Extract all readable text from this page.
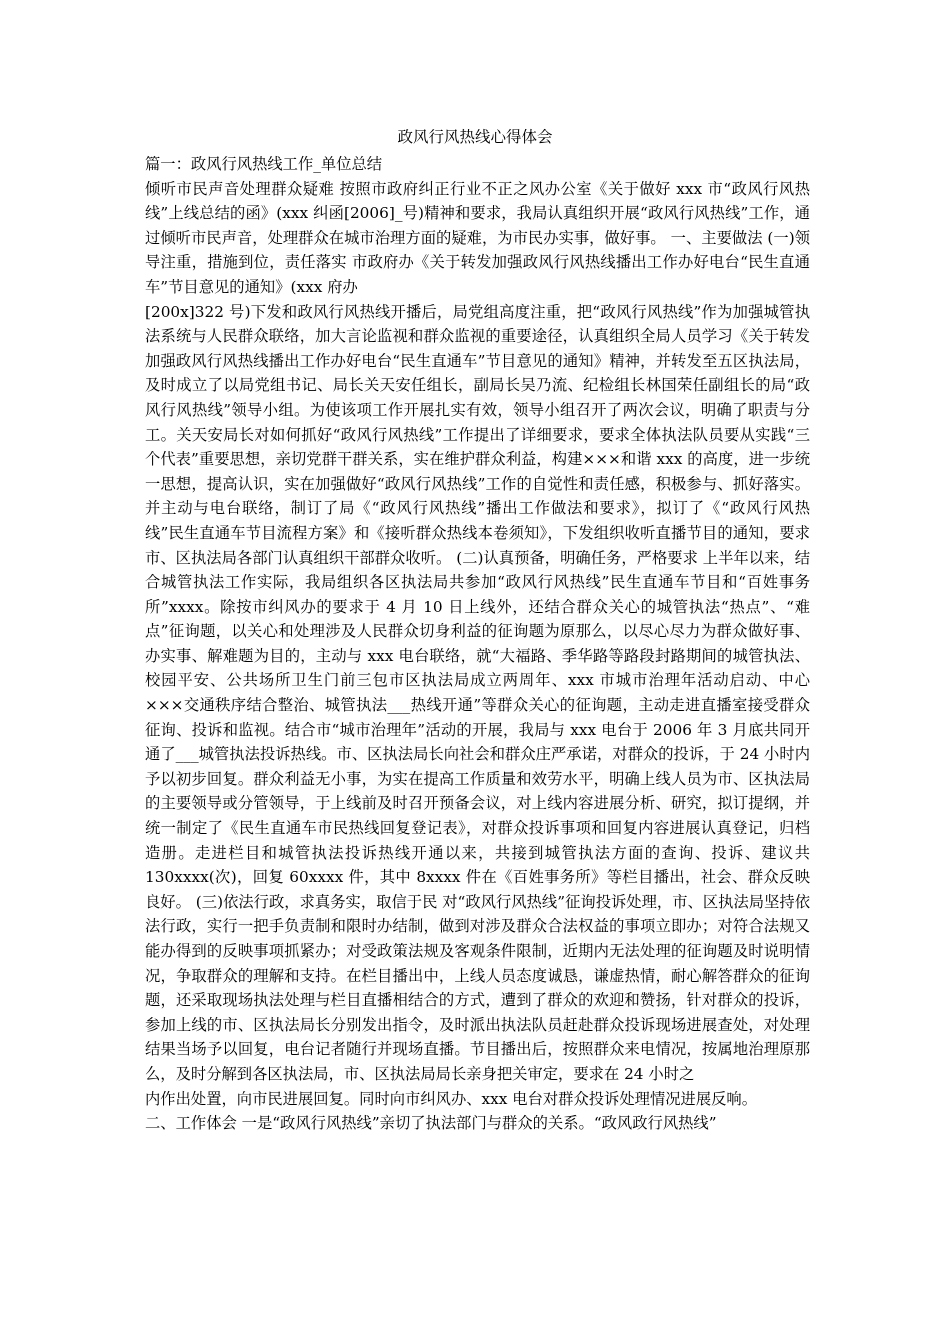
政风行风热线心得体会

篇一：政风行风热线工作_单位总结

倾听市民声音处理群众疑难 按照市政府纠正行业不正之风办公室《关于做好 xxx 市“政风行风热线”上线总结的函》(xxx 纠函[2006]_号)精神和要求，我局认真组织开展“政风行风热线”工作，通过倾听市民声音，处理群众在城市治理方面的疑难，为市民办实事，做好事。 一、主要做法 (一)领导注重，措施到位，责任落实 市政府办《关于转发加强政风行风热线播出工作办好电台“民生直通车”节目意见的通知》(xxx 府办

[200x]322 号)下发和政风行风热线开播后，局党组高度注重，把“政风行风热线”作为加强城管执法系统与人民群众联络，加大言论监视和群众监视的重要途径，认真组织全局人员学习《关于转发加强政风行风热线播出工作办好电台“民生直通车”节目意见的通知》精神，并转发至五区执法局，及时成立了以局党组书记、局长关天安任组长，副局长吴乃流、纪检组长林国荣任副组长的局“政风行风热线”领导小组。为使该项工作开展扎实有效，领导小组召开了两次会议，明确了职责与分工。关天安局长对如何抓好“政风行风热线”工作提出了详细要求，要求全体执法队员要从实践“三个代表”重要思想，亲切党群干群关系，实在维护群众利益，构建×××和谐 xxx 的高度，进一步统一思想，提高认识，实在加强做好“政风行风热线”工作的自觉性和责任感，积极参与、抓好落实。并主动与电台联络，制订了局《“政风行风热线”播出工作做法和要求》，拟订了《“政风行风热线”民生直通车节目流程方案》和《接听群众热线本卷须知》，下发组织收听直播节目的通知，要求市、区执法局各部门认真组织干部群众收听。 (二)认真预备，明确任务，严格要求 上半年以来，结合城管执法工作实际，我局组织各区执法局共参加“政风行风热线”民生直通车节目和“百姓事务所”xxxx。除按市纠风办的要求于 4 月 10 日上线外，还结合群众关心的城管执法“热点”、“难点”征询题，以关心和处理涉及人民群众切身利益的征询题为原那么，以尽心尽力为群众做好事、办实事、解难题为目的，主动与 xxx 电台联络，就“大福路、季华路等路段封路期间的城管执法、校园平安、公共场所卫生门前三包市区执法局成立两周年、xxx 市城市治理年活动启动、中心×××交通秩序结合整治、城管执法___热线开通”等群众关心的征询题，主动走进直播室接受群众征询、投诉和监视。结合市“城市治理年”活动的开展，我局与 xxx 电台于 2006 年 3 月底共同开通了___城管执法投诉热线。市、区执法局长向社会和群众庄严承诺，对群众的投诉，于 24 小时内予以初步回复。群众利益无小事，为实在提高工作质量和效劳水平，明确上线人员为市、区执法局的主要领导或分管领导，于上线前及时召开预备会议，对上线内容进展分析、研究，拟订提纲，并统一制定了《民生直通车市民热线回复登记表》，对群众投诉事项和回复内容进展认真登记，归档造册。走进栏目和城管执法投诉热线开通以来，共接到城管执法方面的查询、投诉、建议共 130xxxx(次)，回复 60xxxx 件，其中 8xxxx 件在《百姓事务所》等栏目播出，社会、群众反映良好。 (三)依法行政，求真务实，取信于民 对“政风行风热线”征询投诉处理，市、区执法局坚持依法行政，实行一把手负责制和限时办结制，做到对涉及群众合法权益的事项立即办；对符合法规又能办得到的反映事项抓紧办；对受政策法规及客观条件限制，近期内无法处理的征询题及时说明情况，争取群众的理解和支持。在栏目播出中，上线人员态度诚恳，谦虚热情，耐心解答群众的征询题，还采取现场执法处理与栏目直播相结合的方式，遭到了群众的欢迎和赞扬，针对群众的投诉，参加上线的市、区执法局长分别发出指令，及时派出执法队员赶赴群众投诉现场进展查处，对处理结果当场予以回复，电台记者随行并现场直播。节目播出后，按照群众来电情况，按属地治理原那么，及时分解到各区执法局，市、区执法局局长亲身把关审定，要求在 24 小时之

内作出处置，向市民进展回复。同时向市纠风办、xxx 电台对群众投诉处理情况进展反响。

二、工作体会 一是“政风行风热线”亲切了执法部门与群众的关系。“政风政行风热线”
